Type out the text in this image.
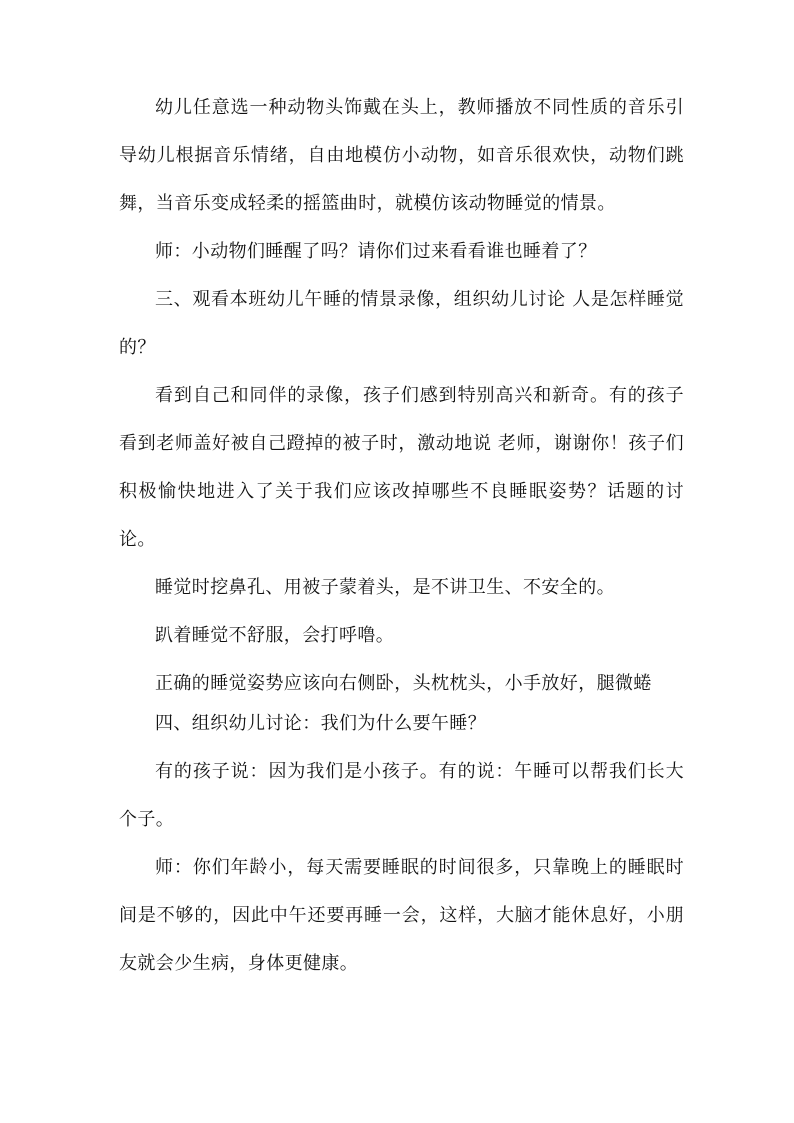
幼儿任意选一种动物头饰戴在头上，教师播放不同性质的音乐引导幼儿根据音乐情绪，自由地模仿小动物，如音乐很欢快，动物们跳舞，当音乐变成轻柔的摇篮曲时，就模仿该动物睡觉的情景。

师：小动物们睡醒了吗？请你们过来看看谁也睡着了？

三、观看本班幼儿午睡的情景录像，组织幼儿讨论 人是怎样睡觉的？

看到自己和同伴的录像，孩子们感到特别高兴和新奇。有的孩子看到老师盖好被自己蹬掉的被子时，激动地说 老师，谢谢你！孩子们积极愉快地进入了关于我们应该改掉哪些不良睡眠姿势？话题的讨论。

睡觉时挖鼻孔、用被子蒙着头，是不讲卫生、不安全的。

趴着睡觉不舒服，会打呼噜。

正确的睡觉姿势应该向右侧卧，头枕枕头，小手放好，腿微蜷

四、组织幼儿讨论：我们为什么要午睡？

有的孩子说：因为我们是小孩子。有的说：午睡可以帮我们长大个子。

师：你们年龄小，每天需要睡眠的时间很多，只靠晚上的睡眠时间是不够的，因此中午还要再睡一会，这样，大脑才能休息好，小朋友就会少生病，身体更健康。
